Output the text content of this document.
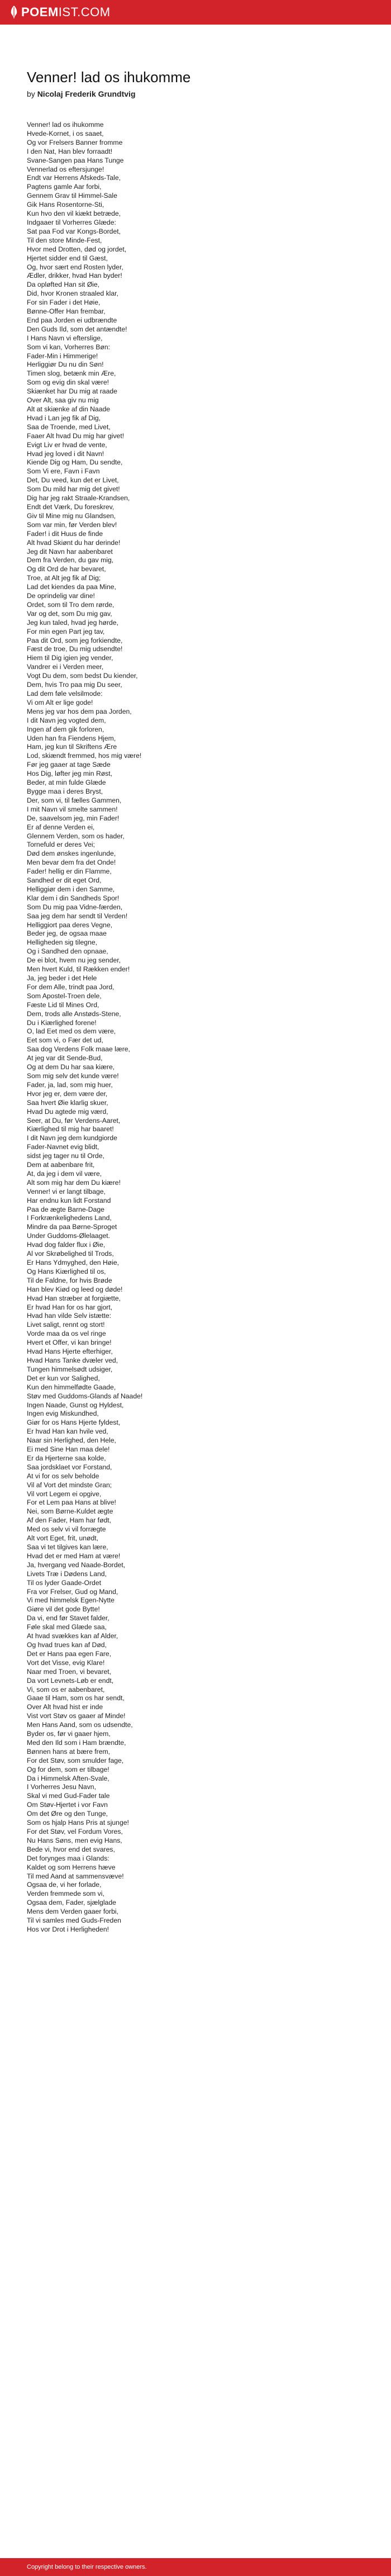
POEMIST.COM
Venner! lad os ihukomme

by Nicolaj Frederik Grundtvig

Venner! lad os ihukomme
Hvede-Kornet, i os saaet,
Og vor Frelsers Banner fromme
I den Nat, Han blev forraadt!
Svane-Sangen paa Hans Tunge
Vennerlad os eftersjunge!
Endt var Herrens Afskeds-Tale,
Pagtens gamle Aar forbi,
Gennem Grav til Himmel-Sale
Gik Hans Rosentorne-Sti,
Kun hvo den vil kiækt betræde,
Indgaaer til Vorherres Glæde:
Sat paa Fod var Kongs-Bordet,
Til den store Minde-Fest,
Hvor med Drotten, død og jordet,
Hjertet sidder end til Gæst,
Og, hvor sært end Rosten lyder,
Ædler, drikker, hvad Han byder!
Da opløfted Han sit Øie,
Did, hvor Kronen straaled klar,
For sin Fader i det Høie,
Bønne-Offer Han frembar,
End paa Jorden ei udbrændte
Den Guds Ild, som det antændte!
I Hans Navn vi efterslige,
Som vi kan, Vorherres Bøn:
Fader-Min i Himmerige!
Herliggiør Du nu din Søn!
Timen slog, betænk min Ære,
Som og evig din skal være!
Skiænket har Du mig at raade
Over Alt, saa giv nu mig
Alt at skiænke af din Naade
Hvad i Lan jeg fik af Dig,
Saa de Troende, med Livet,
Faaer Alt hvad Du mig har givet!
Evigt Liv er hvad de vente,
Hvad jeg loved i dit Navn!
Kiende Dig og Ham, Du sendte,
Som Vi ere, Favn i Favn
Det, Du veed, kun det er Livet,
Som Du mild har mig det givet!
Dig har jeg rakt Straale-Krandsen,
Endt det Værk, Du foreskrev,
Giv til Mine mig nu Glandsen,
Som var min, før Verden blev!
Fader! i dit Huus de finde
Alt hvad Skiønt du har derinde!
Jeg dit Navn har aabenbaret
Dem fra Verden, du gav mig,
Og dit Ord de har bevaret,
Troe, at Alt jeg fik af Dig;
Lad det kiendes da paa Mine,
De oprindelig var dine!
Ordet, som til Tro dem rørde,
Var og det, som Du mig gav,
Jeg kun taled, hvad jeg hørde,
For min egen Part jeg tav,
Paa dit Ord, som jeg forkiendte,
Fæst de troe, Du mig udsendte!
Hiem til Dig igien jeg vender,
Vandrer ei i Verden meer,
Vogt Du dem, som bedst Du kiender,
Dem, hvis Tro paa mig Du seer,
Lad dem føle velsilmode:
Vi om Alt er lige gode!
Mens jeg var hos dem paa Jorden,
I dit Navn jeg vogted dem,
Ingen af dem gik forloren,
Uden han fra Fiendens Hjem,
Ham, jeg kun til Skriftens Ære
Lod, skiændt fremmed, hos mig være!
Før jeg gaaer at tage Sæde
Hos Dig, løfter jeg min Røst,
Beder, at min fulde Glæde
Bygge maa i deres Bryst,
Der, som vi, til fælles Gammen,
I mit Navn vil smelte sammen!
De, saavelsom jeg, min Fader!
Er af denne Verden ei,
Glennem Verden, som os hader,
Tornefuld er deres Vei;
Død dem ønskes ingenlunde,
Men bevar dem fra det Onde!
Fader! hellig er din Flamme,
Sandhed er dit eget Ord,
Helliggiør dem i den Samme,
Klar dem i din Sandheds Spor!
Som Du mig paa Vidne-færden,
Saa jeg dem har sendt til Verden!
Helliggiort paa deres Vegne,
Beder jeg, de ogsaa maae
Helligheden sig tilegne,
Og i Sandhed den opnaae,
De ei blot, hvem nu jeg sender,
Men hvert Kuld, til Rækken ender!
Ja, jeg beder i det Hele
For dem Alle, trindt paa Jord,
Som Apostel-Troen dele,
Fæste Lid til Mines Ord,
Dem, trods alle Anstøds-Stene,
Du i Kiærlighed forene!
O, lad Eet med os dem være,
Eet som vi, o Fær det ud,
Saa dog Verdens Folk maae lære,
At jeg var dit Sende-Bud,
Og at dem Du har saa kiære,
Som mig selv det kunde være!
Fader, ja, lad, som mig huer,
Hvor jeg er, dem være der,
Saa hvert Øie klarlig skuer,
Hvad Du agtede mig værd,
Seer, at Du, før Verdens-Aaret,
Kiærlighed til mig har baaret!
I dit Navn jeg dem kundgiorde
Fader-Navnet evig blidt,
sidst jeg tager nu til Orde,
Dem at aabenbare frit,
At, da jeg i dem vil være,
Alt som mig har dem Du kiære!
Venner! vi er langt tilbage,
Har endnu kun lidt Forstand
Paa de ægte Barne-Dage
I Forkrænkelighedens Land,
Mindre da paa Børne-Sproget
Under Guddoms-Ølelaaget.
Hvad dog falder flux i Øie,
Al vor Skrøbelighed til Trods,
Er Hans Ydmyghed, den Høie,
Og Hans Kiærlighed til os,
Til de Faldne, for hvis Brøde
Han blev Kiød og leed og døde!
Hvad Han stræber at forgiætte,
Er hvad Han for os har gjort,
Hvad han vilde Selv istætte:
Livet saligt, rennt og stort!
Vorde maa da os vel ringe
Hvert et Offer, vi kan bringe!
Hvad Hans Hjerte efterhiger,
Hvad Hans Tanke dvæler ved,
Tungen himmelsødt udsiger,
Det er kun vor Salighed,
Kun den himmelfødte Gaade,
Støv med Guddoms-Glands af Naade!
Ingen Naade, Gunst og Hyldest,
Ingen evig Miskundhed,
Giør for os Hans Hjerte fyldest,
Er hvad Han kan hvile ved,
Naar sin Herlighed, den Hele,
Ei med Sine Han maa dele!
Er da Hjerterne saa kolde,
Saa jordsklaet vor Forstand,
At vi for os selv beholde
Vil af Vort det mindste Gran;
Vil vort Legem ei opgive,
For et Lem paa Hans at blive!
Nei, som Børne-Kuldet ægte
Af den Fader, Ham har født,
Med os selv vi vil forrægte
Alt vort Eget, frit, unødt,
Saa vi tet tilgives kan lære,
Hvad det er med Ham at være!
Ja, hvergang ved Naade-Bordet,
Livets Træ i Dødens Land,
Til os lyder Gaade-Ordet
Fra vor Frelser, Gud og Mand,
Vi med himmelsk Egen-Nytte
Giøre vil det gode Bytte!
Da vi, end før Stavet falder,
Føle skal med Glæde saa,
At hvad svækkes kan af Alder,
Og hvad trues kan af Død,
Det er Hans paa egen Fare,
Vort det Visse, evig Klare!
Naar med Troen, vi bevaret,
Da vort Levnets-Løb er endt,
Vi, som os er aabenbaret,
Gaae til Ham, som os har sendt,
Over Alt hvad hist er inde
Vist vort Støv os gaaer af Minde!
Men Hans Aand, som os udsendte,
Byder os, før vi gaaer hjem,
Med den Ild som i Ham brændte,
Bønnen hans at bære frem,
For det Støv, som smulder fage,
Og for dem, som er tilbage!
Da i Himmelsk Aften-Svale,
I Vorherres Jesu Navn,
Skal vi med Gud-Fader tale
Om Støv-Hjertet i vor Favn
Om det Øre og den Tunge,
Som os hjalp Hans Pris at sjunge!
For det Støv, vel Fordum Vores,
Nu Hans Søns, men evig Hans,
Bede vi, hvor end det svares,
Det forynges maa i Glands:
Kaldet og som Herrens hæve
Til med Aand at sammensvæve!
Ogsaa de, vi her forlade,
Verden fremmede som vi,
Ogsaa dem, Fader, sjælglade
Mens dem Verden gaaer forbi,
Til vi samles med Guds-Freden
Hos vor Drot i Herligheden!
Copyright belong to their respective owners.
